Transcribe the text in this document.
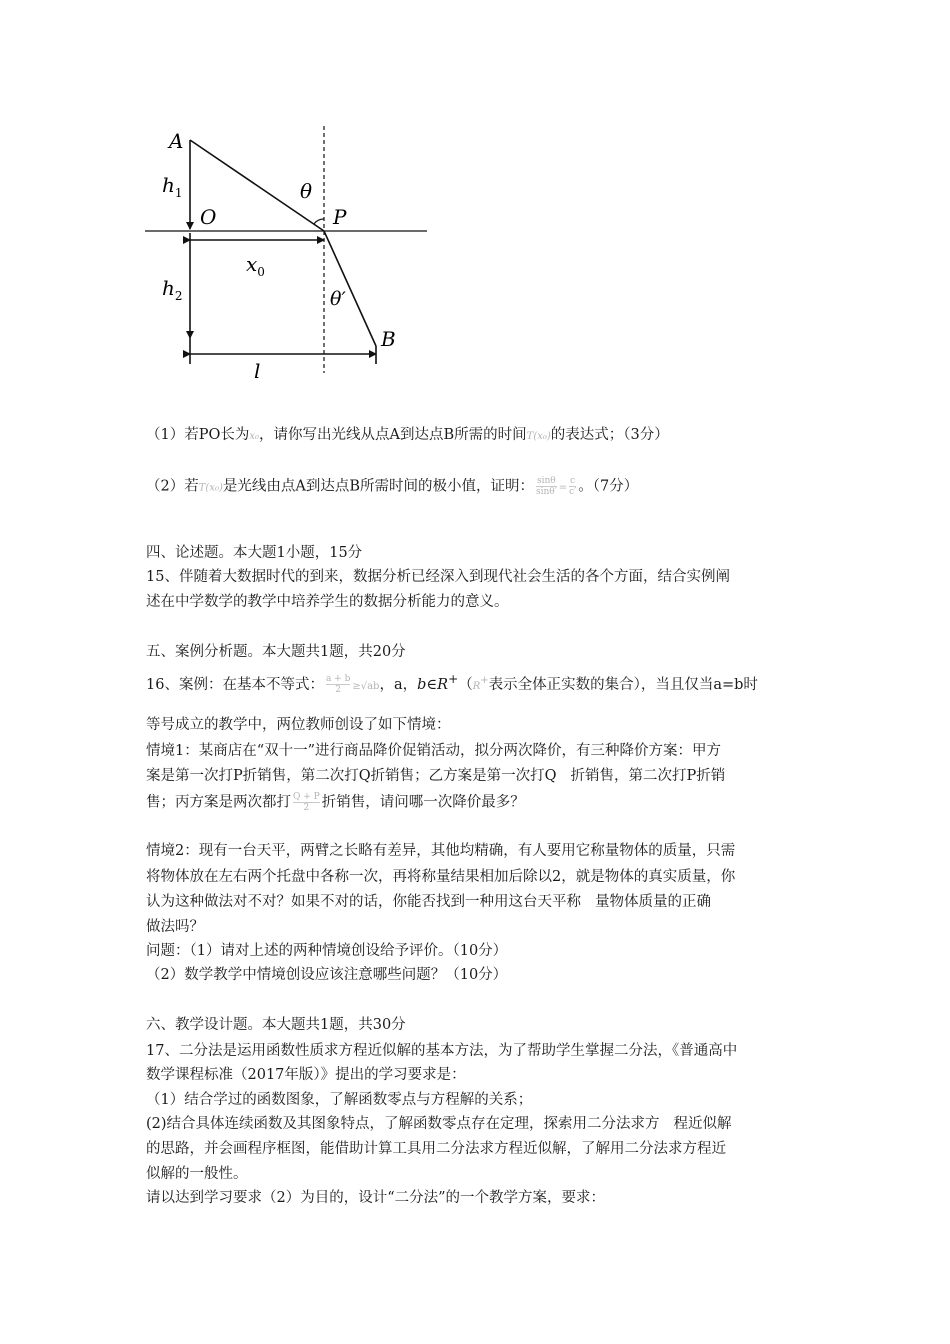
A
O	P
B
θ
θ′
$h_1$
$h_2$
$x_0$
l
（1）若PO长为x₀，请你写出光线从点A到达点B所需的时间T(x₀)的表达式；（3分）
（2）若T(x₀)是光线由点A到达点B所需时间的极小值，证明： $\frac{\sin\theta}{\sin\theta'} = \frac{c}{c'}$ 。（7分）
四、论述题。本大题1小题，15分
15、伴随着大数据时代的到来，数据分析已经深入到现代社会生活的各个方面，结合实例阐
述在中学数学的教学中培养学生的数据分析能力的意义。
五、案例分析题。本大题共1题，共20分
16、案例：在基本不等式： $\frac{a + b}{2} \ge√ab$，a，b∈R+（R+表示全体正实数的集合），当且仅当a=b时
等号成立的教学中，两位教师创设了如下情境：
情境1：某商店在“双十一”进行商品降价促销活动，拟分两次降价，有三种降价方案：甲方
案是第一次打P折销售，第二次打Q折销售；乙方案是第一次打Q 折销售，第二次打P折销
售；丙方案是两次都打 $\frac{Q + P}{2}$ 折销售，请问哪一次降价最多？
情境2：现有一台天平，两臂之长略有差异，其他均精确，有人要用它称量物体的质量，只需
将物体放在左右两个托盘中各称一次，再将称量结果相加后除以2，就是物体的真实质量，你
认为这种做法对不对？如果不对的话，你能否找到一种用这台天平称 量物体质量的正确
做法吗？
问题：（1）请对上述的两种情境创设给予评价。（10分）
（2）数学教学中情境创设应该注意哪些问题？（10分）
六、教学设计题。本大题共1题，共30分
17、二分法是运用函数性质求方程近似解的基本方法，为了帮助学生掌握二分法，《普通高中
数学课程标准（2017年版）》提出的学习要求是：
（1）结合学过的函数图象，了解函数零点与方程解的关系；
(2)结合具体连续函数及其图象特点，了解函数零点存在定理，探索用二分法求方 程近似解
的思路，并会画程序框图，能借助计算工具用二分法求方程近似解，了解用二分法求方程近
似解的一般性。
请以达到学习要求（2）为目的，设计“二分法”的一个教学方案，要求：
